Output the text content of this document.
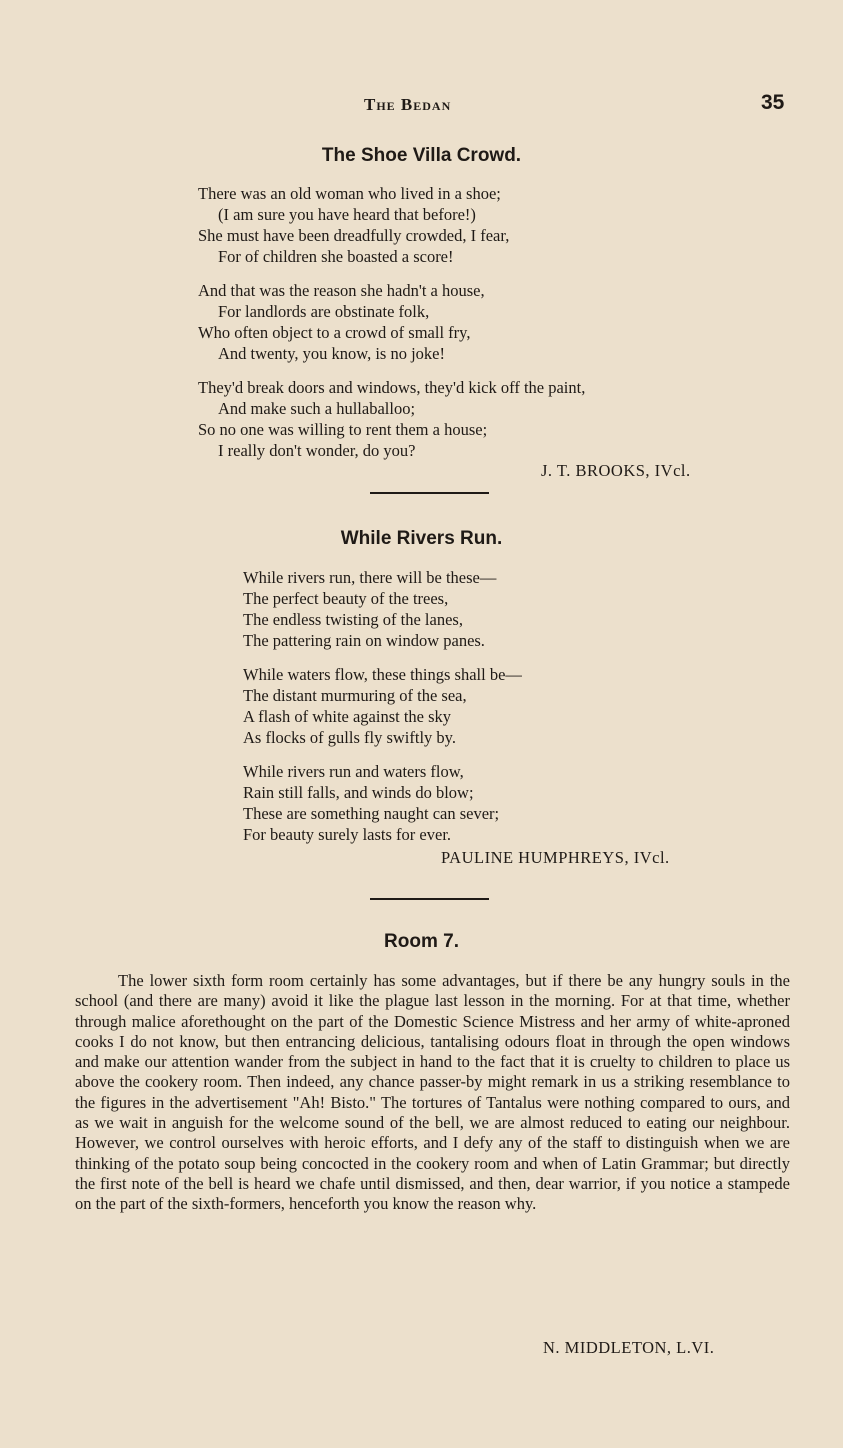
The Bedan	35
The Shoe Villa Crowd.
There was an old woman who lived in a shoe;
(I am sure you have heard that before!)
She must have been dreadfully crowded, I fear,
For of children she boasted a score!
And that was the reason she hadn't a house,
For landlords are obstinate folk,
Who often object to a crowd of small fry,
And twenty, you know, is no joke!
They'd break doors and windows, they'd kick off the paint,
And make such a hullaballoo;
So no one was willing to rent them a house;
I really don't wonder, do you?
J. T. BROOKS, IVcl.
While Rivers Run.
While rivers run, there will be these—
The perfect beauty of the trees,
The endless twisting of the lanes,
The pattering rain on window panes.
While waters flow, these things shall be—
The distant murmuring of the sea,
A flash of white against the sky
As flocks of gulls fly swiftly by.
While rivers run and waters flow,
Rain still falls, and winds do blow;
These are something naught can sever;
For beauty surely lasts for ever.
PAULINE HUMPHREYS, IVcl.
Room 7.

The lower sixth form room certainly has some advantages, but if there be any hungry souls in the school (and there are many) avoid it like the plague last lesson in the morning. For at that time, whether through malice aforethought on the part of the Domestic Science Mistress and her army of white-aproned cooks I do not know, but then entrancing delicious, tantalising odours float in through the open windows and make our attention wander from the subject in hand to the fact that it is cruelty to children to place us above the cookery room. Then indeed, any chance passer-by might remark in us a striking resemblance to the figures in the advertisement "Ah! Bisto." The tortures of Tantalus were nothing compared to ours, and as we wait in anguish for the welcome sound of the bell, we are almost reduced to eating our neighbour. However, we control ourselves with heroic efforts, and I defy any of the staff to distinguish when we are thinking of the potato soup being concocted in the cookery room and when of Latin Grammar; but directly the first note of the bell is heard we chafe until dismissed, and then, dear warrior, if you notice a stampede on the part of the sixth-formers, henceforth you know the reason why.

N. MIDDLETON, L.VI.
